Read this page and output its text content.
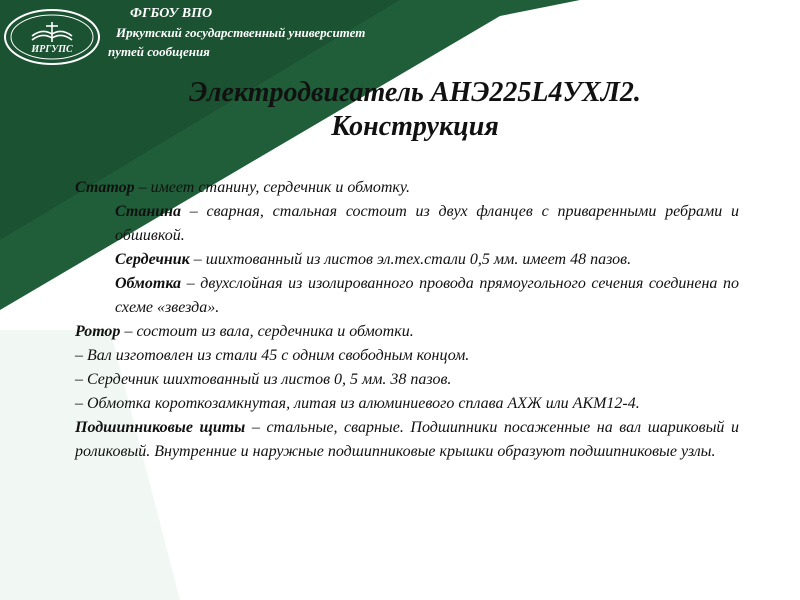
ИРГУПС
ФГБОУ ВПО
Иркутский государственный университет
путей сообщения
Электродвигатель АНЭ225L4УХЛ2.
Конструкция

Статор – имеет станину, сердечник и обмотку.

Станина – сварная, стальная состоит из двух фланцев с приваренными ребрами и обшивкой.

Сердечник – шихтованный из листов эл.тех.стали 0,5 мм. имеет 48 пазов.

Обмотка – двухслойная из изолированного провода прямоугольного сечения соединена по схеме «звезда».

Ротор – состоит из вала, сердечника и обмотки.

– Вал изготовлен из стали 45 с одним свободным концом.

– Сердечник шихтованный из листов 0, 5 мм. 38 пазов.

– Обмотка короткозамкнутая, литая из алюминиевого сплава АХЖ или АКМ12-4.

Подшипниковые щиты – стальные, сварные. Подшипники посаженные на вал шариковый и роликовый. Внутренние и наружные подшипниковые крышки образуют подшипниковые узлы.
